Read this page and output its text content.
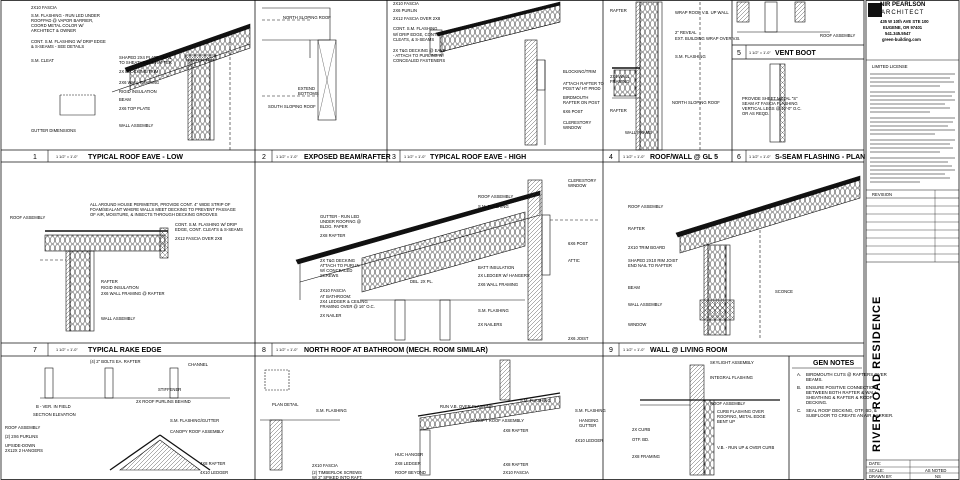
1	1 1/2" = 1'-0" TYPICAL ROOF EAVE - LOW	2	1 1/2" = 1'-0" EXPOSED BEAM/RAFTER 3 1 1/2" = 1'-0" TYPICAL ROOF EAVE - HIGH	4	1 1/2" = 1'-0" ROOF/WALL @ GL 5
5 1 1/2" = 1'-0" VENT BOOT
6 1 1/2" = 1'-0" S-SEAM FLASHING - PLAN
7	1 1/2" = 1'-0" TYPICAL RAKE EDGE	8	1 1/2" = 1'-0" NORTH ROOF AT BATHROOM (MECH. ROOM SIMILAR)	9	1 1/2" = 1'-0" WALL @ LIVING ROOM
2X10 FASCIA
S.M. FLASHING - RUN LED UNDER
ROOFPAD @ VAPOR BARRIER,
COORD METAL COLOR W/
ARCHITECT & OWNER
CONT. S.M. FLASHING W/ DRIP EDGE
& S-SEAMS - SEE DETAILS
S.M. CLEAT
SHAPED 2X4 PLATE - NAIL
TO SHEATHING & RAFTER
2X BLOCKING/TRIM
2X6 WALL FRAMING
RIGID INSULATION
BEAM
2X6 TOP PLATE
WALL ASSEMBLY
GUTTER DIMENSIONS
NORTH SLOPING ROOF
EXTEND
BOTTOMS
SOUTH SLOPING ROOF
2X10 FASCIA
2X6 PURLIN
2X12 FASCIA OVER 2X8
CONT. S.M. FLASHING
W/ DRIP EDGE, CONT.
CLEATS, & S-SEAMS
2X T&G DECKING @ EAVE
- ATTACH TO PURLINS W/
CONCEALED FASTENERS
BLOCKING/TRIM
ATTACH RAFTER TO
POST W/ HT PROD
BIRDMOUTH
RAFTER ON POST
6X6 POST
CLERESTORY
WINDOW
RAFTER	WRAP ROOF V.B. UP WALL
2" REVEAL
EXT. BUILDING WRAP OVER V.B.
S.M. FLASHING
2X6 WALL
FRAMING
NORTH SLOPING ROOF
RAFTER
WALL FRAME
ROOF ASSEMBLY
PROVIDE SHEET METAL "S"
SEAM AT FASCIA FLASHING
VERTICAL LEGS @ 10'-0" O.C.
OR AS REQD.
ALL AROUND HOUSE PERIMETER, PROVIDE CONT. 4" WIDE STRIP OF
FOAM/SEALANT WHERE WALLS MEET DECKING TO PREVENT PASSAGE
OF AIR, MOISTURE, & INSECTS THROUGH DECKING GROOVES
ROOF ASSEMBLY
CONT. S.M. FLASHING W/ DRIP
EDGE, CONT. CLEATS & S-SEAMS
2X12 FASCIA OVER 2X8
RAFTER
RIGID INSULATION
2X6 WALL FRAMING @ RAFTER
WALL ASSEMBLY
ROOF ASSEMBLY
S.M. FLASHING
GUTTER - RUN LED
UNDER ROOFING @
BLDG. PAPER
2X8 RAFTER
2X T&G DECKING
ATTACH TO PURLIN
W/ CONCEALED
SCREWS
2X10 FASCIA
AT BATHROOM:
2X4 LEDGER & CEILING
FRAMING OVER @ 16" O.C.
2X NAILER
DBL. 2X PL.
BATT INSULATION
2X LEDGER W/ HANGERS
2X6 WALL FRAMING
CLERESTORY
WINDOW
6X6 POST
ATTIC
2X NAILERS
S.M. FLASHING
2X6 JOIST
ROOF ASSEMBLY
RAFTER
2X10 TRIM BOARD
SHAPED 2X10 RIM JOIST
END NAIL TO RAFTER
BEAM
WALL ASSEMBLY
WINDOW
SCONCE
(4) 2" BOLTS EA. RAFTER
CHANNEL
STIFFENER
2X ROOF PURLINS BEHIND
B - VER. IN FIELD
SECTION ELEVATION
ROOF ASSEMBLY
(2) 2X6 PURLINS
UPSIDE-DOWN
2X12X 2 HANGERS
S.M. FLASHING/GUTTER
CANOPY ROOF ASSEMBLY
4X8 RAFTER
4X10 LEDGER
PLAN DETAIL
S.M. FLASHING
2X10 FASCIA
(2) TIMBERLOK SCREWS
W/ 2" SPIKED INTO RAFT.
RUN V.B. OVER FLASHING
S.M. FLASHING
4X8 RAFTER
CANOPY ROOF ASSEMBLY
S.M. FLASHING
HUC HANGER
2X8 LEDGER
ROOF BEYOND
4X8 RAFTER
2X10 FASCIA
HANGING
GUTTER
4X10 LEDGER
SKYLIGHT ASSEMBLY
INTEGRAL FLASHING
ROOF ASSEMBLY
CURB FLASHING OVER
ROOFING, METAL EDGE
BENT UP
2X CURB
OTF. BD.
V.B. - RUN UP & OVER CURB
2X8 FRAMING
GEN NOTES
A. BIRDMOUTH CUTS @ RAFTERS OVER
BEAMS.
B. ENSURE POSITIVE CONNECTION
BETWEEN BOTH RAFTER & WALL
SHEATHING & RAFTER & ROOF
DECKING.
C. SEAL ROOF DECKING, OTF. BD, &
SUBFLOOR TO CREATE AN AIR BARRIER.
NIR PEARLSON
ARCHITECT
435 W 10th AVE STE 100
EUGENE, OR 97401
541.345.5547
green-building.com
LIMITED LICENSE
REVISION
RIVER ROAD RESIDENCE
DATE:
SCALE:	AS NOTED
DRAWN BY:	NS
